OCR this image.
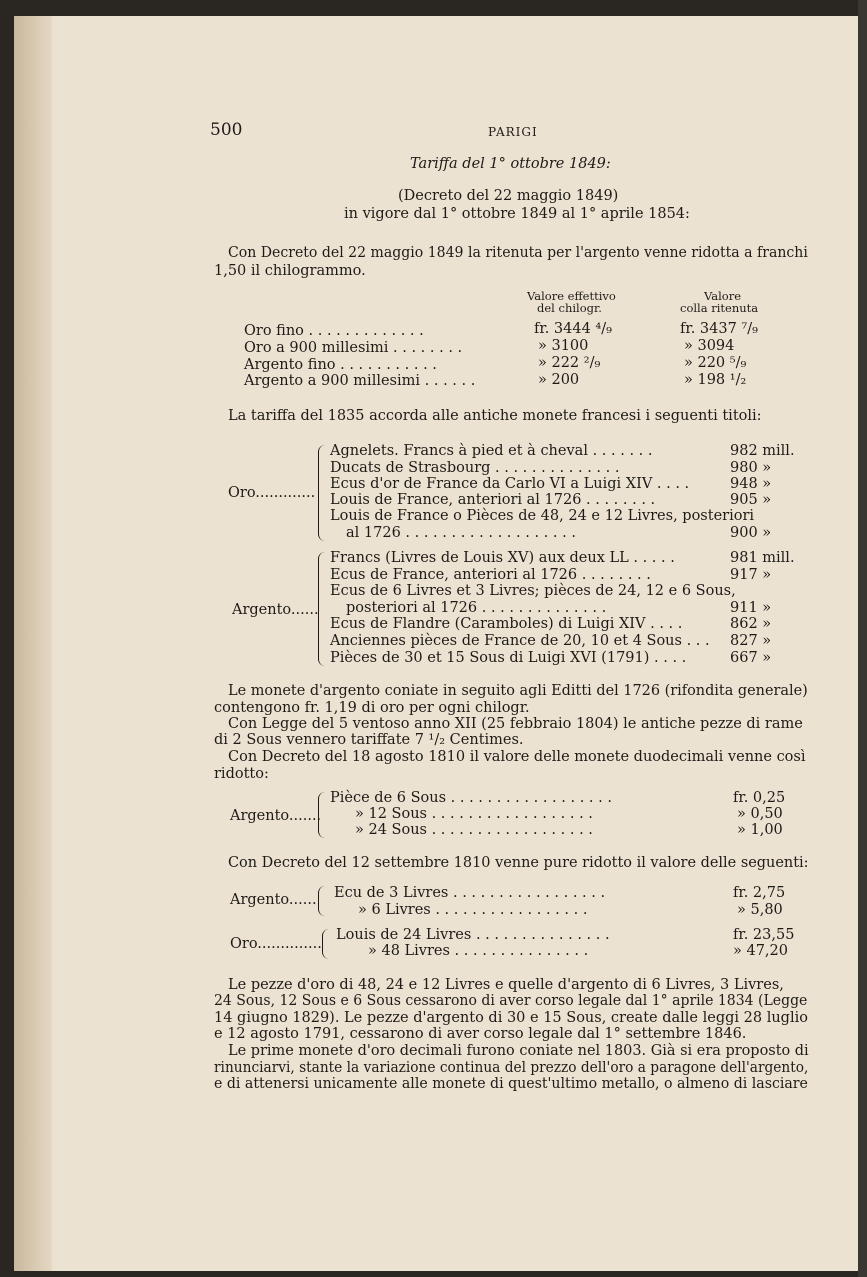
500	PARIGI
Tariffa del 1° ottobre 1849:
(Decreto del 22 maggio 1849)
in vigore dal 1° ottobre 1849 al 1° aprile 1854:
Con Decreto del 22 maggio 1849 la ritenuta per l'argento venne ridotta a franchi
1,50 il chilogrammo.
Valore effettivo
del chilogr.
Valore
colla ritenuta
Oro fino . . . . . . . . . . . . .	fr. 3444 ⁴/₉	fr. 3437 ⁷/₉
Oro a 900 millesimi . . . . . . . .	» 3100	» 3094
Argento fino . . . . . . . . . . .	» 222 ²/₉	» 220 ⁵/₉
Argento a 900 millesimi . . . . . .	» 200	» 198 ¹/₂
La tariffa del 1835 accorda alle antiche monete francesi i seguenti titoli:
Oro.............
Agnelets. Francs à pied et à cheval . . . . . . .	982 mill.
Ducats de Strasbourg . . . . . . . . . . . . . .	980 »
Ecus d'or de France da Carlo VI a Luigi XIV . . . .	948 »
Louis de France, anteriori al 1726 . . . . . . . .	905 »
Louis de France o Pièces de 48, 24 e 12 Livres, posteriori
al 1726 . . . . . . . . . . . . . . . . . . .	900 »
Argento......
Francs (Livres de Louis XV) aux deux LL . . . . .	981 mill.
Ecus de France, anteriori al 1726 . . . . . . . .	917 »
Ecus de 6 Livres et 3 Livres; pièces de 24, 12 e 6 Sous,
posteriori al 1726 . . . . . . . . . . . . . .	911 »
Ecus de Flandre (Caramboles) di Luigi XIV . . . .	862 »
Anciennes pièces de France de 20, 10 et 4 Sous . . . 827 »
Pièces de 30 et 15 Sous di Luigi XVI (1791) . . . .	667 »
Le monete d'argento coniate in seguito agli Editti del 1726 (rifondita generale)
contengono fr. 1,19 di oro per ogni chilogr.
Con Legge del 5 ventoso anno XII (25 febbraio 1804) le antiche pezze di rame
di 2 Sous vennero tariffate 7 ¹/₂ Centimes.
Con Decreto del 18 agosto 1810 il valore delle monete duodecimali venne così
ridotto:
Argento.......
Pièce de 6 Sous . . . . . . . . . . . . . . . . . .	fr. 0,25
» 12 Sous . . . . . . . . . . . . . . . . . .	» 0,50
» 24 Sous . . . . . . . . . . . . . . . . . .	» 1,00
Con Decreto del 12 settembre 1810 venne pure ridotto il valore delle seguenti:
Argento...... Ecu de 3 Livres . . . . . . . . . . . . . . . . .	fr. 2,75
» 6 Livres . . . . . . . . . . . . . . . . .	» 5,80
Oro..............
Louis de 24 Livres . . . . . . . . . . . . . . .	fr. 23,55
» 48 Livres . . . . . . . . . . . . . . .	» 47,20
Le pezze d'oro di 48, 24 e 12 Livres e quelle d'argento di 6 Livres, 3 Livres,
24 Sous, 12 Sous e 6 Sous cessarono di aver corso legale dal 1° aprile 1834 (Legge
14 giugno 1829). Le pezze d'argento di 30 e 15 Sous, create dalle leggi 28 luglio
e 12 agosto 1791, cessarono di aver corso legale dal 1° settembre 1846.
Le prime monete d'oro decimali furono coniate nel 1803. Già si era proposto di
rinunciarvi, stante la variazione continua del prezzo dell'oro a paragone dell'argento,
e di attenersi unicamente alle monete di quest'ultimo metallo, o almeno di lasciare
